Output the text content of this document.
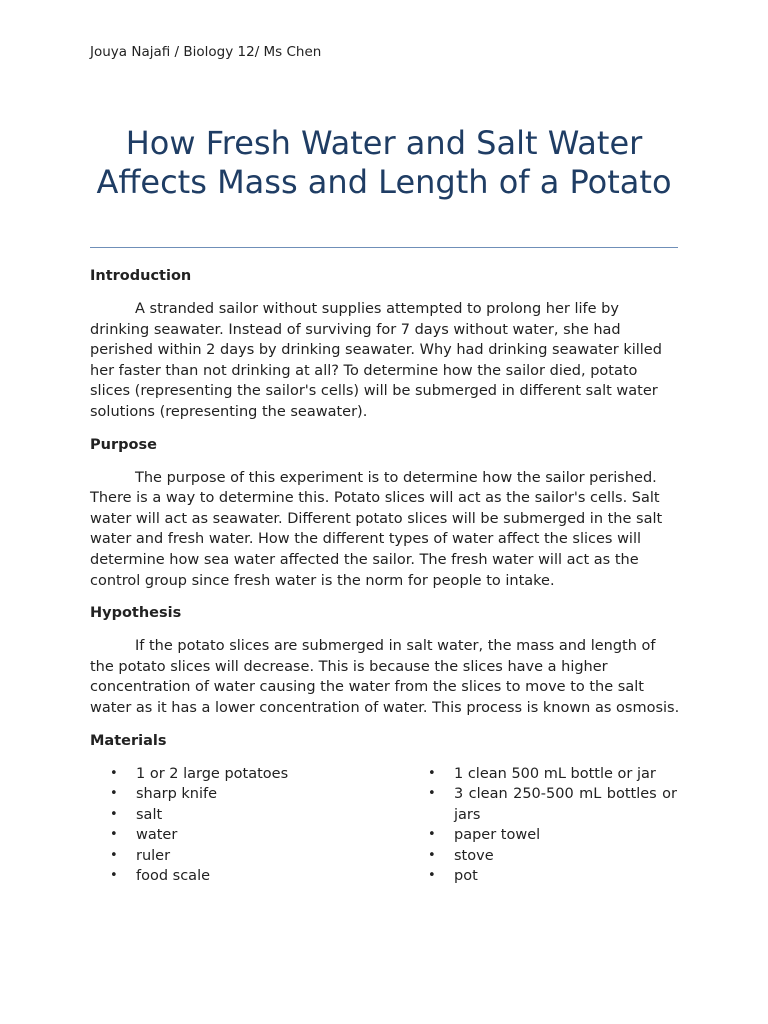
Jouya Najafi / Biology 12/ Ms Chen
How Fresh Water and Salt Water Affects Mass and Length of a Potato
Introduction

A stranded sailor without supplies attempted to prolong her life by drinking seawater. Instead of surviving for 7 days without water, she had perished within 2 days by drinking seawater. Why had drinking seawater killed her faster than not drinking at all? To determine how the sailor died, potato slices (representing the sailor's cells) will be submerged in different salt water solutions (representing the seawater).

Purpose

The purpose of this experiment is to determine how the sailor perished. There is a way to determine this. Potato slices will act as the sailor's cells. Salt water will act as seawater. Different potato slices will be submerged in the salt water and fresh water. How the different types of water affect the slices will determine how sea water affected the sailor. The fresh water will act as the control group since fresh water is the norm for people to intake.

Hypothesis

If the potato slices are submerged in salt water, the mass and length of the potato slices will decrease. This is because the slices have a higher concentration of water causing the water from the slices to move to the salt water as it has a lower concentration of water. This process is known as osmosis.

Materials
• 1 or 2 large potatoes
• sharp knife
• salt
• water
• ruler
• food scale
• 1 clean 500 mL bottle or jar
• 3 clean 250-500 mL bottles or jars
• paper towel
• stove
• pot
